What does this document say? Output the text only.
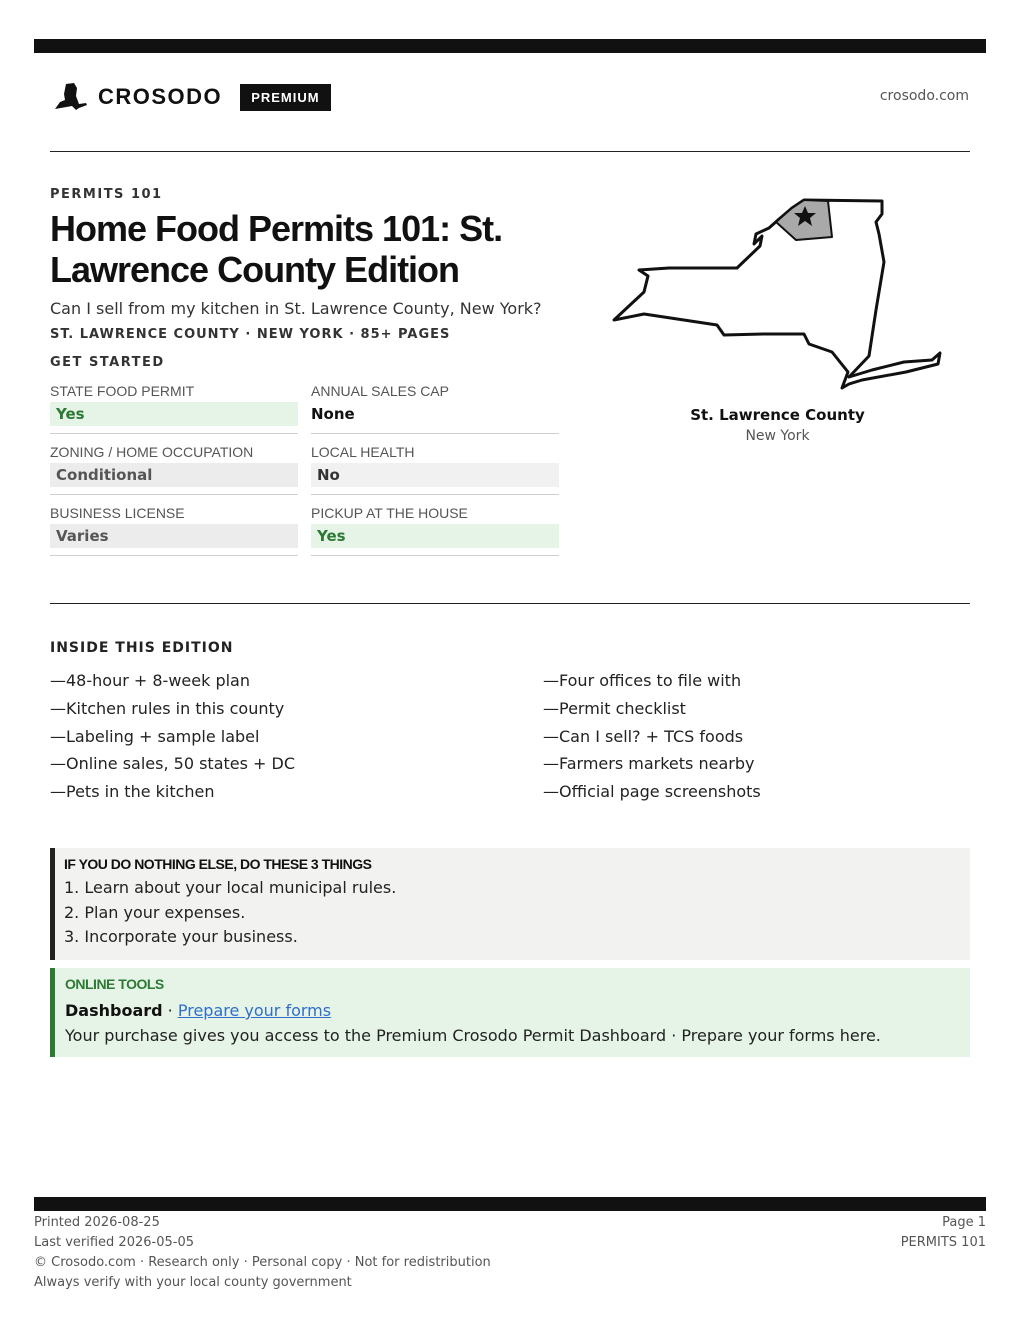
CROSODO	PREMIUM	crosodo.com
PERMITS 101
Home Food Permits 101: St. Lawrence County Edition
Can I sell from my kitchen in St. Lawrence County, New York?
ST. LAWRENCE COUNTY · NEW YORK · 85+ PAGES
GET STARTED
STATE FOOD PERMIT
Yes
ANNUAL SALES CAP
None
ZONING / HOME OCCUPATION
Conditional
LOCAL HEALTH
No
BUSINESS LICENSE
Varies
PICKUP AT THE HOUSE
Yes
St. Lawrence County
New York
INSIDE THIS EDITION
—48-hour + 8-week plan
—Kitchen rules in this county
—Labeling + sample label
—Online sales, 50 states + DC
—Pets in the kitchen
—Four offices to file with
—Permit checklist
—Can I sell? + TCS foods
—Farmers markets nearby
—Official page screenshots
IF YOU DO NOTHING ELSE, DO THESE 3 THINGS
1. Learn about your local municipal rules.
2. Plan your expenses.
3. Incorporate your business.
ONLINE TOOLS
Dashboard · Prepare your forms
Your purchase gives you access to the Premium Crosodo Permit Dashboard · Prepare your forms here.
Printed 2026-08-25
Last verified 2026-05-05
© Crosodo.com · Research only · Personal copy · Not for redistribution
Always verify with your local county government
Page 1
PERMITS 101
